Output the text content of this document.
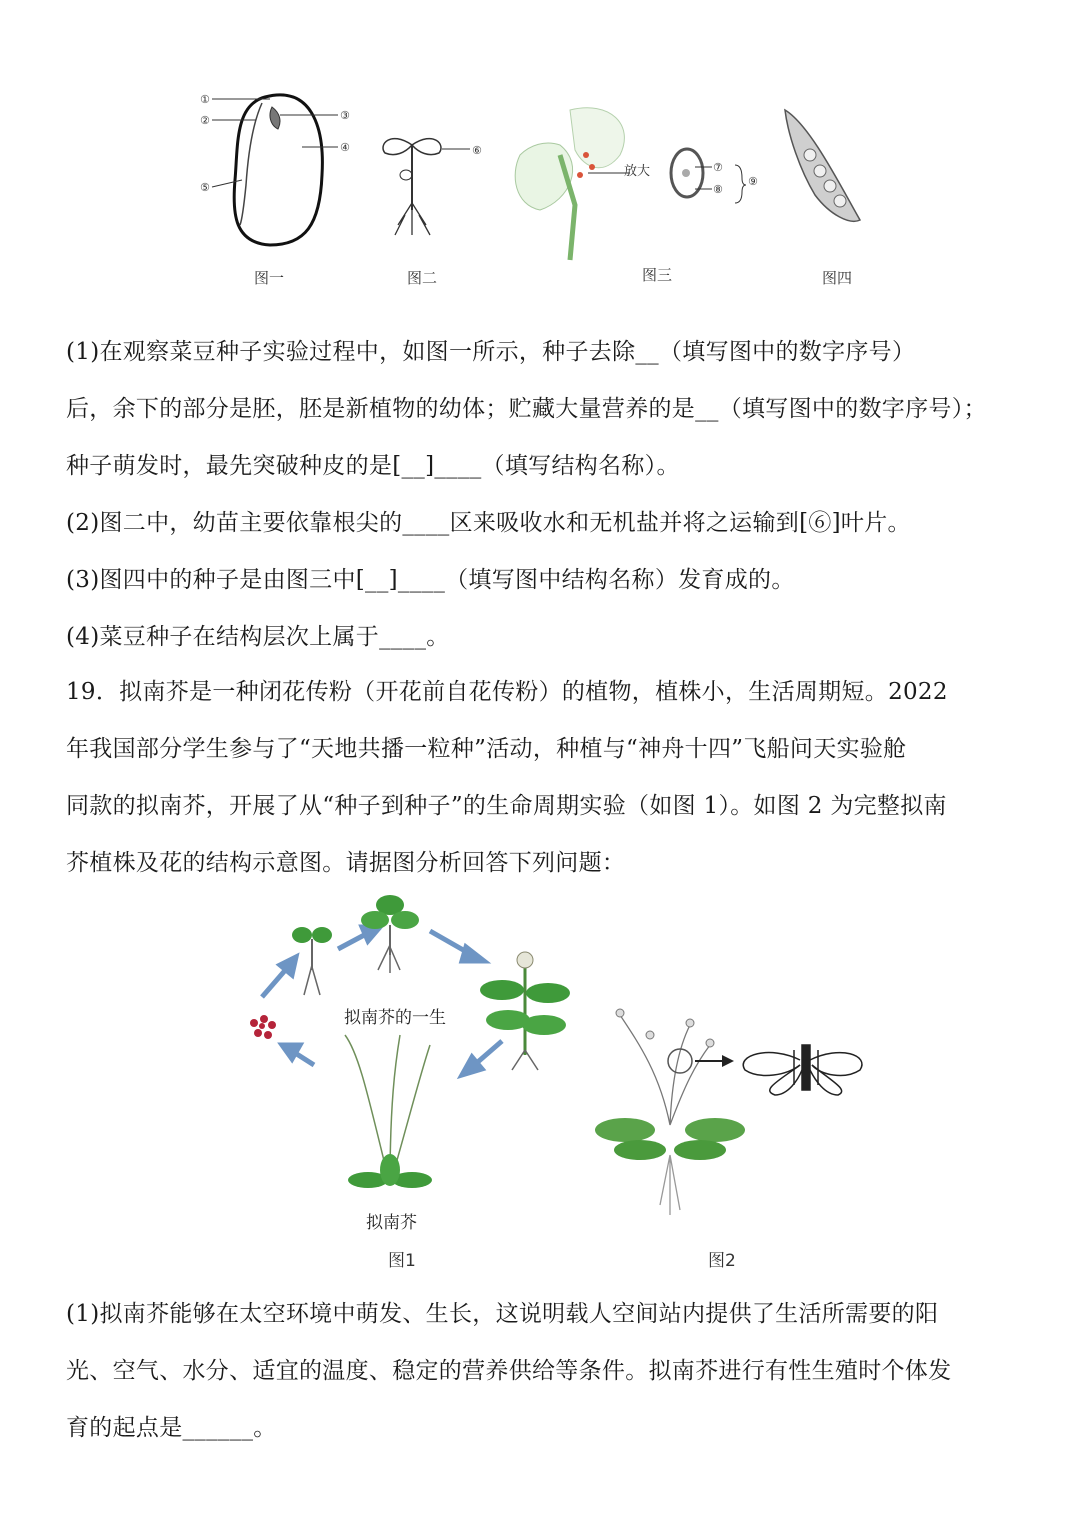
①
②	③
④
⑤
⑥
放大	⑦
⑧
⑨
图一	图二	图三	图四
(1)在观察菜豆种子实验过程中，如图一所示，种子去除__（填写图中的数字序号）
后，余下的部分是胚，胚是新植物的幼体；贮藏大量营养的是__（填写图中的数字序号）；
种子萌发时，最先突破种皮的是[__]____（填写结构名称）。
(2)图二中，幼苗主要依靠根尖的____区来吸收水和无机盐并将之运输到[⑥]叶片。
(3)图四中的种子是由图三中[__]____（填写图中结构名称）发育成的。
(4)菜豆种子在结构层次上属于____。
19．拟南芥是一种闭花传粉（开花前自花传粉）的植物，植株小，生活周期短。2022
年我国部分学生参与了“天地共播一粒种”活动，种植与“神舟十四”飞船问天实验舱
同款的拟南芥，开展了从“种子到种子”的生命周期实验（如图 1）。如图 2 为完整拟南
芥植株及花的结构示意图。请据图分析回答下列问题：
拟南芥的一生
拟南芥
图1	图2
(1)拟南芥能够在太空环境中萌发、生长，这说明载人空间站内提供了生活所需要的阳
光、空气、水分、适宜的温度、稳定的营养供给等条件。拟南芥进行有性生殖时个体发
育的起点是______。
